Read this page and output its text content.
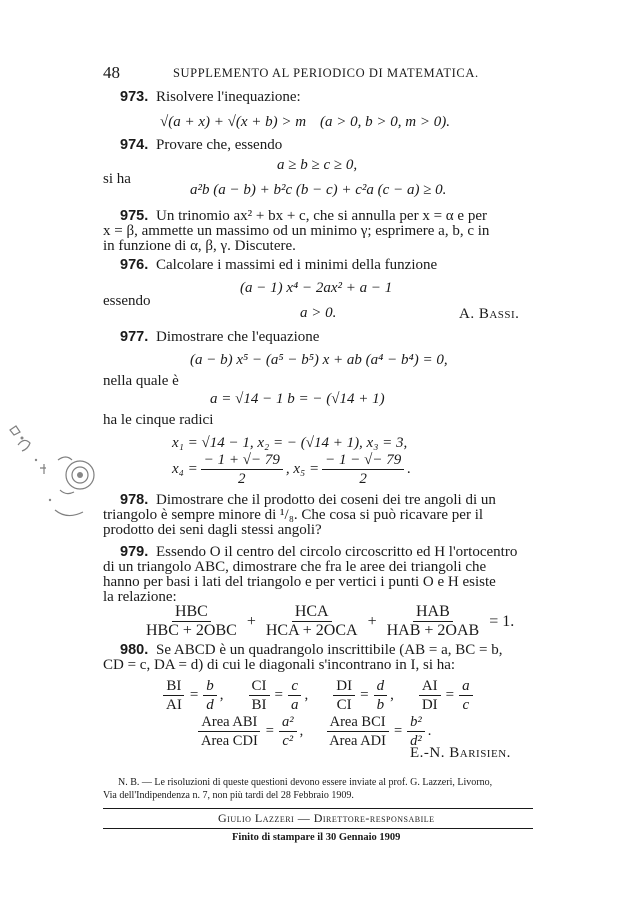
48	SUPPLEMENTO AL PERIODICO DI MATEMATICA.
973. Risolvere l'inequazione:
√(a + x) + √(x + b) > m (a > 0, b > 0, m > 0).
974. Provare che, essendo
a ≥ b ≥ c ≥ 0,
si ha
a²b (a − b) + b²c (b − c) + c²a (c − a) ≥ 0.
975. Un trinomio ax² + bx + c, che si annulla per x = α e per
x = β, ammette un massimo od un minimo γ; esprimere a, b, c in
in funzione di α, β, γ. Discutere.
976. Calcolare i massimi ed i minimi della funzione
(a − 1) x⁴ − 2ax² + a − 1
essendo
a > 0.	A. Bassi.
977. Dimostrare che l'equazione
(a − b) x⁵ − (a⁵ − b⁵) x + ab (a⁴ − b⁴) = 0,
nella quale è
a = √14 − 1 b = − (√14 + 1)
ha le cinque radici
x₁ = √14 − 1, x₂ = − (√14 + 1), x₃ = 3,
$x_4 = \frac{- 1 + √- 79}{2}$ , $x_5 = \frac{- 1 - √- 79}{2}$ .
978. Dimostrare che il prodotto dei coseni dei tre angoli di un
triangolo è sempre minore di ¹/₈. Che cosa si può ricavare per il
prodotto dei seni dagli stessi angoli?
979. Essendo O il centro del circolo circoscritto ed H l'ortocentro
di un triangolo ABC, dimostrare che fra le aree dei triangoli che
hanno per basi i lati del triangolo e per vertici i punti O e H esiste
la relazione:
$\frac{\text{HBC}}{\text{HBC + 2OBC}} + \frac{\text{HCA}}{\text{HCA + 2OCA}} + \frac{\text{HAB}}{\text{HAB + 2OAB}} = 1$.
980. Se ABCD è un quadrangolo inscrittibile (AB = a, BC = b,
CD = c, DA = d) di cui le diagonali s'incontrano in I, si ha:
$\frac{BI}{AI} = \frac{b}{d}$ , $\frac{CI}{BI} = \frac{c}{a}$ , $\frac{DI}{CI} = \frac{d}{b}$ , $\frac{AI}{DI} = \frac{a}{c}$
$\frac{\text{Area ABI}}{\text{Area CDI}} = \frac{\text{a²}}{\text{c²}}$ , $\frac{\text{Area BCI}}{\text{Area ADI}} = \frac{\text{b²}}{\text{d²}}$ .
E.-N. Barisien.
N. B. — Le risoluzioni di queste questioni devono essere inviate al prof. G. Lazzeri, Livorno,
Via dell'Indipendenza n. 7, non più tardi del 28 Febbraio 1909.
Giulio Lazzeri — Direttore-responsabile
Finito di stampare il 30 Gennaio 1909
